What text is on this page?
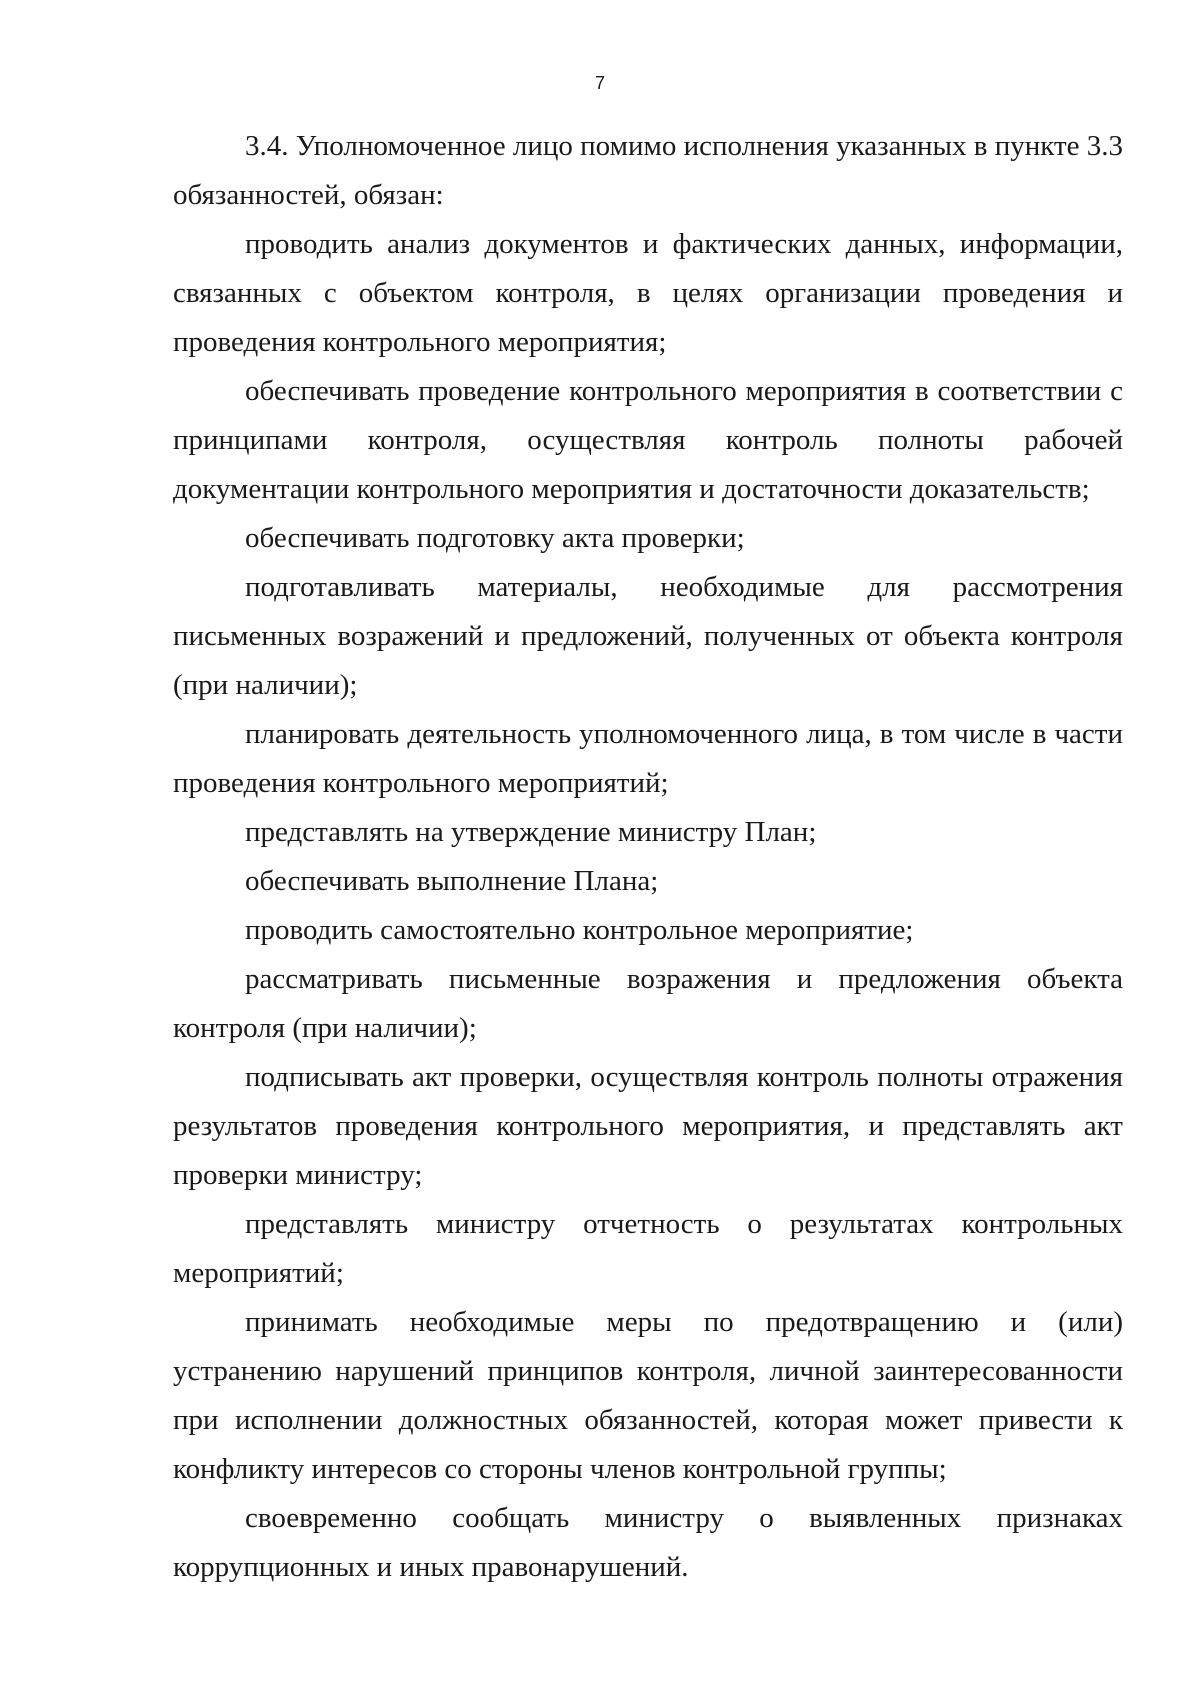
7

3.4. Уполномоченное лицо помимо исполнения указанных в пункте 3.3 обязанностей, обязан:

проводить анализ документов и фактических данных, информации, связанных с объектом контроля, в целях организации проведения и проведения контрольного мероприятия;

обеспечивать проведение контрольного мероприятия в соответствии с принципами контроля, осуществляя контроль полноты рабочей документации контрольного мероприятия и достаточности доказательств;

обеспечивать подготовку акта проверки;

подготавливать материалы, необходимые для рассмотрения письменных возражений и предложений, полученных от объекта контроля (при наличии);

планировать деятельность уполномоченного лица, в том числе в части проведения контрольного мероприятий;

представлять на утверждение министру План;

обеспечивать выполнение Плана;

проводить самостоятельно контрольное мероприятие;

рассматривать письменные возражения и предложения объекта контроля (при наличии);

подписывать акт проверки, осуществляя контроль полноты отражения результатов проведения контрольного мероприятия, и представлять акт проверки министру;

представлять министру отчетность о результатах контрольных мероприятий;

принимать необходимые меры по предотвращению и (или) устранению нарушений принципов контроля, личной заинтересованности при исполнении должностных обязанностей, которая может привести к конфликту интересов со стороны членов контрольной группы;

своевременно сообщать министру о выявленных признаках коррупционных и иных правонарушений.
